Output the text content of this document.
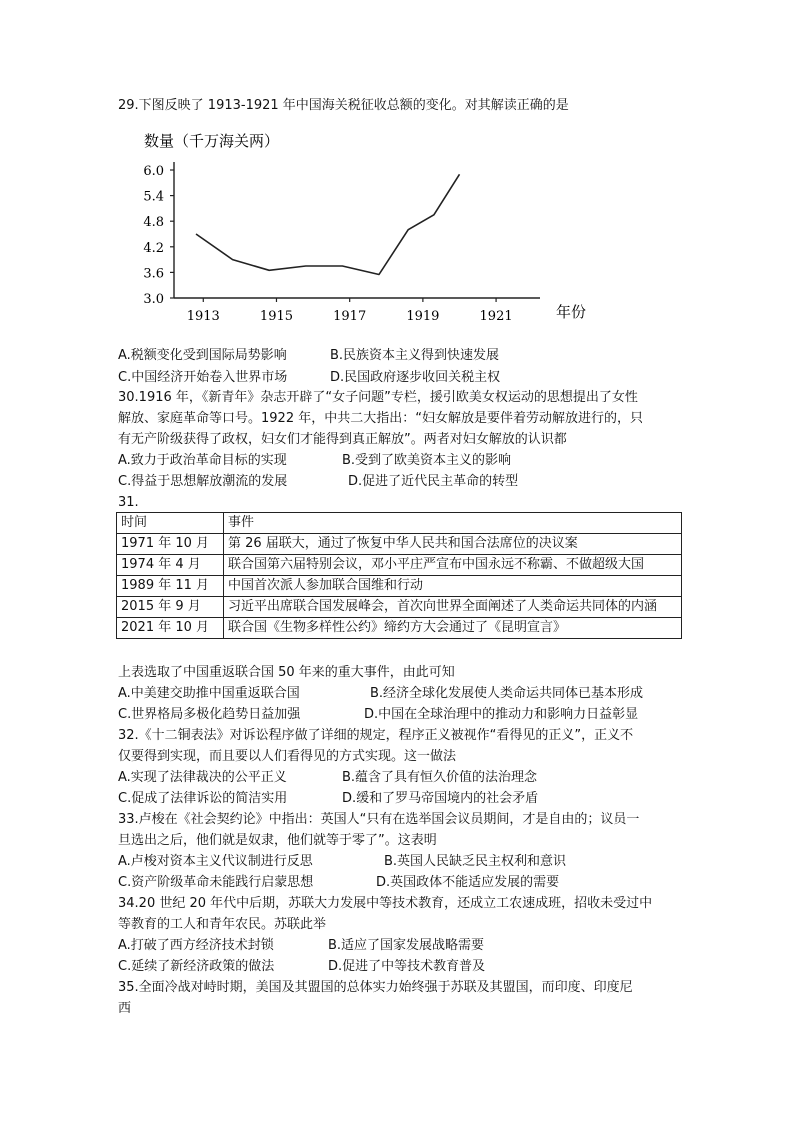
29.下图反映了 1913-1921 年中国海关税征收总额的变化。对其解读正确的是
数量（千万海关两）
年份
3.0
3.6
4.2
4.8
5.4
6.0
1913	1915	1917	1919	1921
A.税额变化受到国际局势影响	B.民族资本主义得到快速发展
C.中国经济开始卷入世界市场	D.民国政府逐步收回关税主权
30.1916 年，《新青年》杂志开辟了“女子问题”专栏，援引欧美女权运动的思想提出了女性
解放、家庭革命等口号。1922 年，中共二大指出：“妇女解放是要伴着劳动解放进行的，只
有无产阶级获得了政权，妇女们才能得到真正解放”。两者对妇女解放的认识都
A.致力于政治革命目标的实现	B.受到了欧美资本主义的影响
C.得益于思想解放潮流的发展	D.促进了近代民主革命的转型
31.
时间	事件
1971 年 10 月	第 26 届联大，通过了恢复中华人民共和国合法席位的决议案
1974 年 4 月	联合国第六届特别会议，邓小平庄严宣布中国永远不称霸、不做超级大国
1989 年 11 月	中国首次派人参加联合国维和行动
2015 年 9 月	习近平出席联合国发展峰会，首次向世界全面阐述了人类命运共同体的内涵
2021 年 10 月	联合国《生物多样性公约》缔约方大会通过了《昆明宣言》
上表选取了中国重返联合国 50 年来的重大事件，由此可知
A.中美建交助推中国重返联合国	B.经济全球化发展使人类命运共同体已基本形成
C.世界格局多极化趋势日益加强	D.中国在全球治理中的推动力和影响力日益彰显
32.《十二铜表法》对诉讼程序做了详细的规定，程序正义被视作“看得见的正义”，正义不
仅要得到实现，而且要以人们看得见的方式实现。这一做法
A.实现了法律裁决的公平正义	B.蕴含了具有恒久价值的法治理念
C.促成了法律诉讼的简洁实用	D.缓和了罗马帝国境内的社会矛盾
33.卢梭在《社会契约论》中指出：英国人“只有在选举国会议员期间，才是自由的；议员一
旦选出之后，他们就是奴隶，他们就等于零了”。这表明
A.卢梭对资本主义代议制进行反思	B.英国人民缺乏民主权利和意识
C.资产阶级革命未能践行启蒙思想	D.英国政体不能适应发展的需要
34.20 世纪 20 年代中后期，苏联大力发展中等技术教育，还成立工农速成班，招收未受过中
等教育的工人和青年农民。苏联此举
A.打破了西方经济技术封锁	B.适应了国家发展战略需要
C.延续了新经济政策的做法	D.促进了中等技术教育普及
35.全面冷战对峙时期，美国及其盟国的总体实力始终强于苏联及其盟国，而印度、印度尼
西
